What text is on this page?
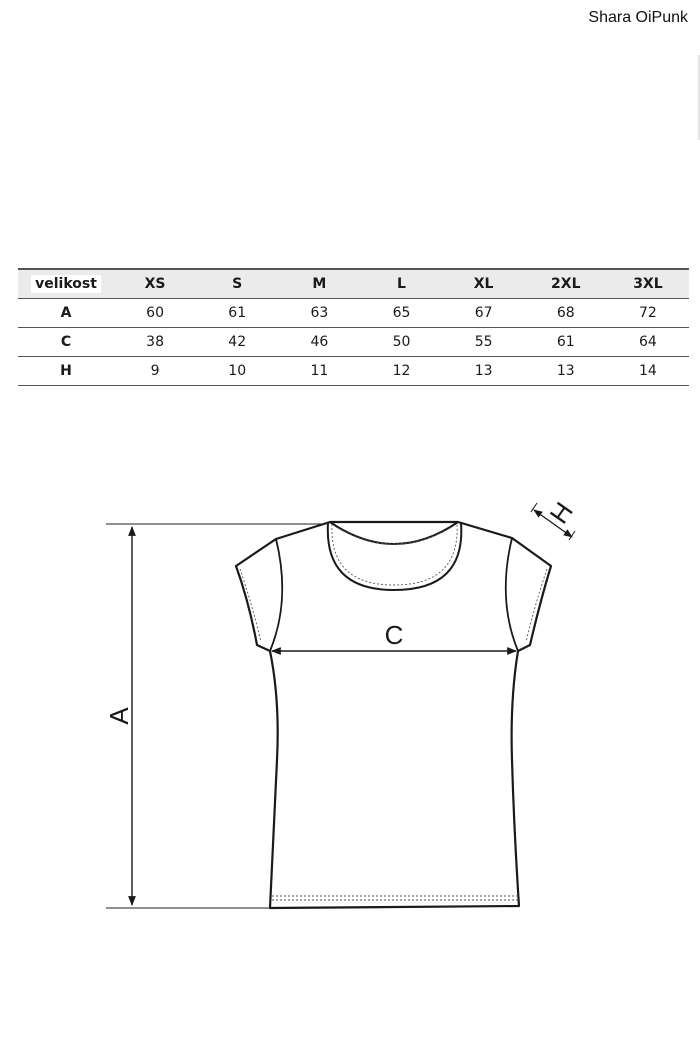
Shara OiPunk
velikost	XS	S	M	L	XL	2XL	3XL
A	60	61	63	65	67	68	72
C	38	42	46	50	55	61	64
H	9	10	11	12	13	13	14
A
C
H
